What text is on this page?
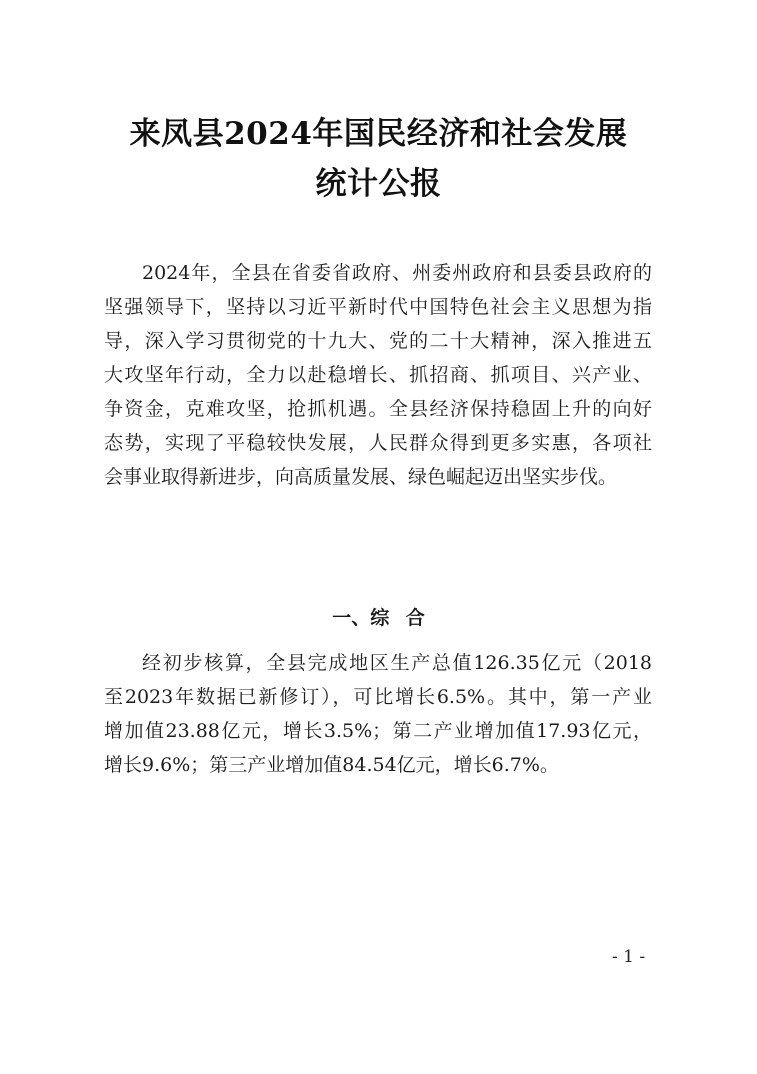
来凤县2024年国民经济和社会发展
统计公报
2024年，全县在省委省政府、州委州政府和县委县政府的
坚强领导下，坚持以习近平新时代中国特色社会主义思想为指
导，深入学习贯彻党的十九大、党的二十大精神，深入推进五
大攻坚年行动，全力以赴稳增长、抓招商、抓项目、兴产业、
争资金，克难攻坚，抢抓机遇。全县经济保持稳固上升的向好
态势，实现了平稳较快发展，人民群众得到更多实惠，各项社
会事业取得新进步，向高质量发展、绿色崛起迈出坚实步伐。
一、综 合
经初步核算，全县完成地区生产总值126.35亿元（2018
至2023年数据已新修订），可比增长6.5%。其中，第一产业
增加值23.88亿元，增长3.5%；第二产业增加值17.93亿元，
增长9.6%；第三产业增加值84.54亿元，增长6.7%。
- 1 -
